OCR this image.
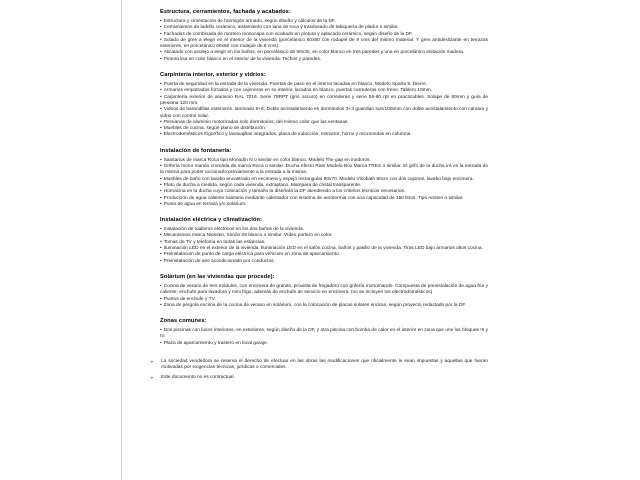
Estructura, cerramientos, fachada y acabados:

• Estructura y cimentación de hormigón armado, según diseño y cálculos de la DF.

• Cerramientos de ladrillo cerámico, aislamiento con lana de roca y trasdosado de tabiquería de pladur o similar.

• Fachadas de combinada de mortero monocapa con acabado en pintura y aplacado cerámico, según diseño de la DF.

• Solado de gres a elegir en el interior de la vivienda (porcelánico 60x60 con rodapié de 9 cms del mismo material. Y gres antideslizante en terrazas exteriores, en porcelánico 60x60 con rodapié de 9 cms).

• Alicatado con azulejo a elegir en los baños, en porcelánico de 60x30, en color blanco en tres paredes y una en porcelánico imitación madera.

• Pintura lisa en color blanco en el interior de la vivienda. Techos y paredes.

Carpintería interior, exterior y vidrios:

• Puerta de seguridad en la entrada de la vivienda. Puertas de paso en el interior lacadas en blanco. Modelo Sparta 5. Dierre.

• Armarios empotrados forrados y con cajoneras en su interior, lacados en blanco, puertas correderas con freno. Tablero 19mm.

• Carpintería exterior de aluminio RAL 7016. Serie 75RPT (gris oscuro) en correderas y serie 55-60 rpt en practicables. Solape de 80mm y guía de persiana 120 mm.

• Vidrios de barandillas exteriores, laminado 6+6, Doble acristalamiento en dormitorios 3+3 guardian sun/10/5mm con doble acristalamiento con cámara y vidrio con control solar.

• Persianas de aluminio motorizadas solo dormitorios, del mismo color que las ventanas.

• Muebles de cocina, según plano de distribución.

• Electrodomésticos frigorífico y lavavajillas integrados, placa de inducción, extractor, horno y microondas en columna.

Instalación de fontanería:

• Sanitarios de marca Roca tipo Monodín N o similar en color blanco. Modelo The gap en inodoros.

• Grifería mono mando cromada de marca Roca o similar. Ducha efecto Rain Modelo Box Marca TRES o similar. El grifo de la ducha irá en la entrada de la misma para poder accionarlo previamente a la entrada a la misma.

• Muebles de baño con lavabo encastrado en encimera y espejo rectangular 80x70. Modelo Visobath 80cm con dos cajones, lavabo bajo encimera.

• Plato de ducha a medida, según cada vivienda, extraplano. Mampara de cristal transparente.

• Hornacina en la ducha cuya colocación y tamaño la diseñará la DF atendiendo a los criterios técnicos necesarios.

• Producción de agua caliente sanitaria mediante calentador con sistema de aerotermia con una capacidad de 150 litros. Tipo Ariston o similar.

• Punto de agua en terraza y/o solárium.

Instalación eléctrica y climatización:

• Instalación de toalleros eléctricos en los dos baños de la vivienda.

• Mecanismos marca Niessen, Simón 28 blanco o similar. Vídeo portero en color.

• Tomas de TV y telefonía en todas las estancias.

• Iluminación LED en el exterior de la vivienda. Iluminación LED en el salón cocina, baños y pasillo de la vivienda. Tiras LED bajo armarios altos cocina.

• Preinstalación de punto de carga eléctrica para vehículo en zona de aparcamiento.

• Preinstalación de aire acondicionado por conductos.

Solárium (en las viviendas que procede):

• Cocina de verano de tres módulos, con encimera de granito, provista de fregadero con grifería monomando. Compuesta de preinstalación de agua fría y caliente, enchufe para lavadora y mini frigo, además de enchufe de servicio en encimera. (no se incluyen los electrodomésticos)

• Puntos de enchufe y TV.

• Zona de pérgola encima de la cocina de verano en solárium, con la colocación de placas solares encima, según proyecto redactado por la DF.

Zonas comunes:

• Dos piscinas con luces interiores, en exteriores, según diseño de la DF, y otra piscina con bomba de calor en el interior en zona que une los bloques III y IV.

• Plaza de aparcamiento y trastero en local garaje.

➢	La sociedad vendedora se reserva el derecho de efectuar en las obras las modificaciones que oficialmente le sean impuestas y aquellas que fueran motivadas por exigencias técnicas, jurídicas o comerciales.

➢	Este documento no es contractual.
